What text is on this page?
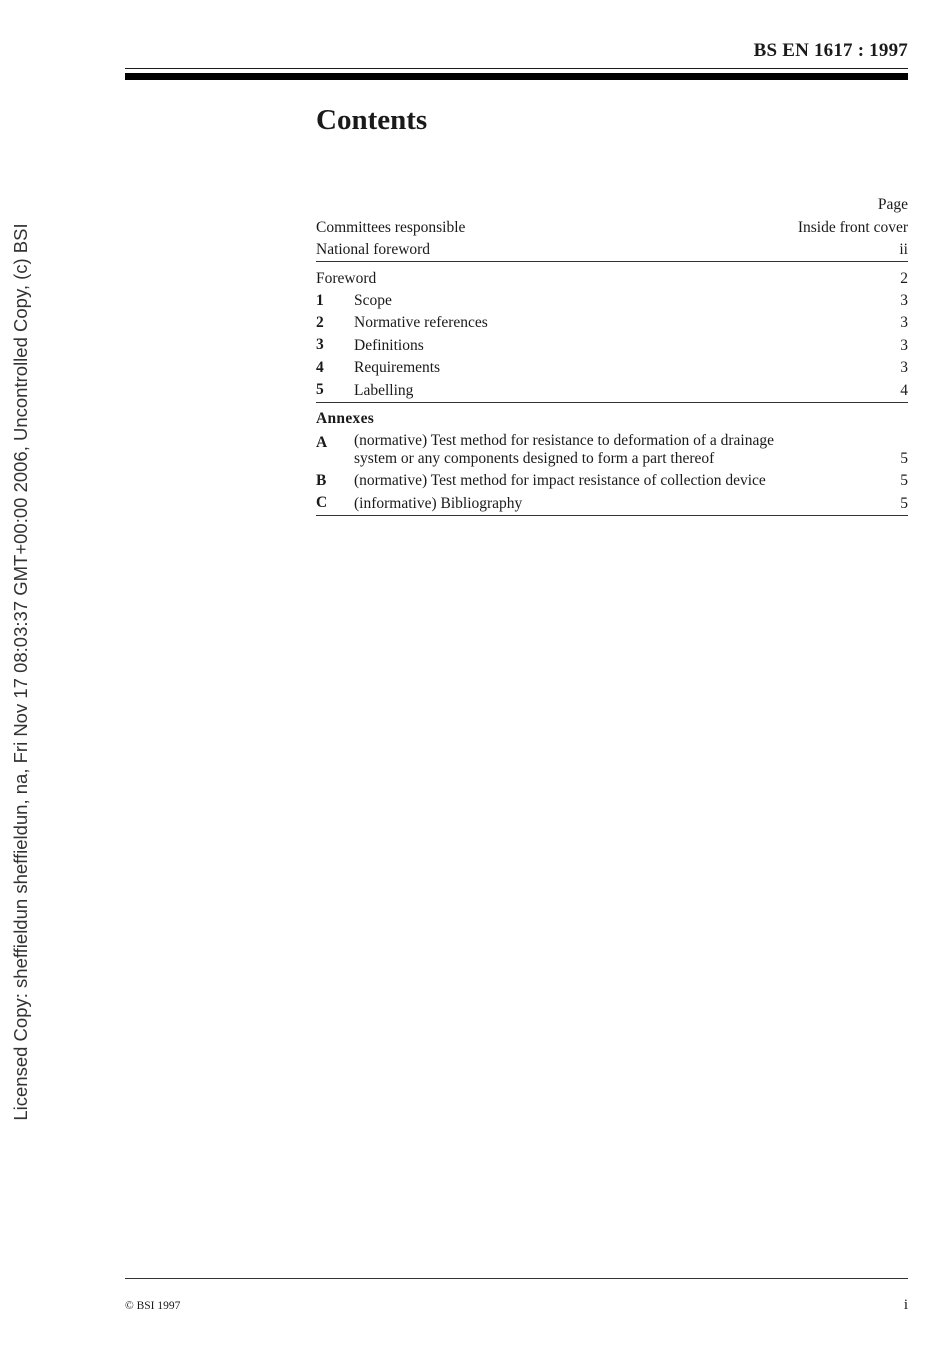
Licensed Copy: sheffieldun sheffieldun, na, Fri Nov 17 08:03:37 GMT+00:00 2006, Uncontrolled Copy, (c) BSI

BS EN 1617 : 1997

Contents
Page
Committees responsible	Inside front cover
National foreword	ii
Foreword	2
1	Scope	3
2	Normative references	3
3	Definitions	3
4	Requirements	3
5	Labelling	4
Annexes
A	(normative) Test method for resistance to deformation of a drainage
system or any components designed to form a part thereof	5
B	(normative) Test method for impact resistance of collection device	5
C	(informative) Bibliography	5
© BSI 1997	i
